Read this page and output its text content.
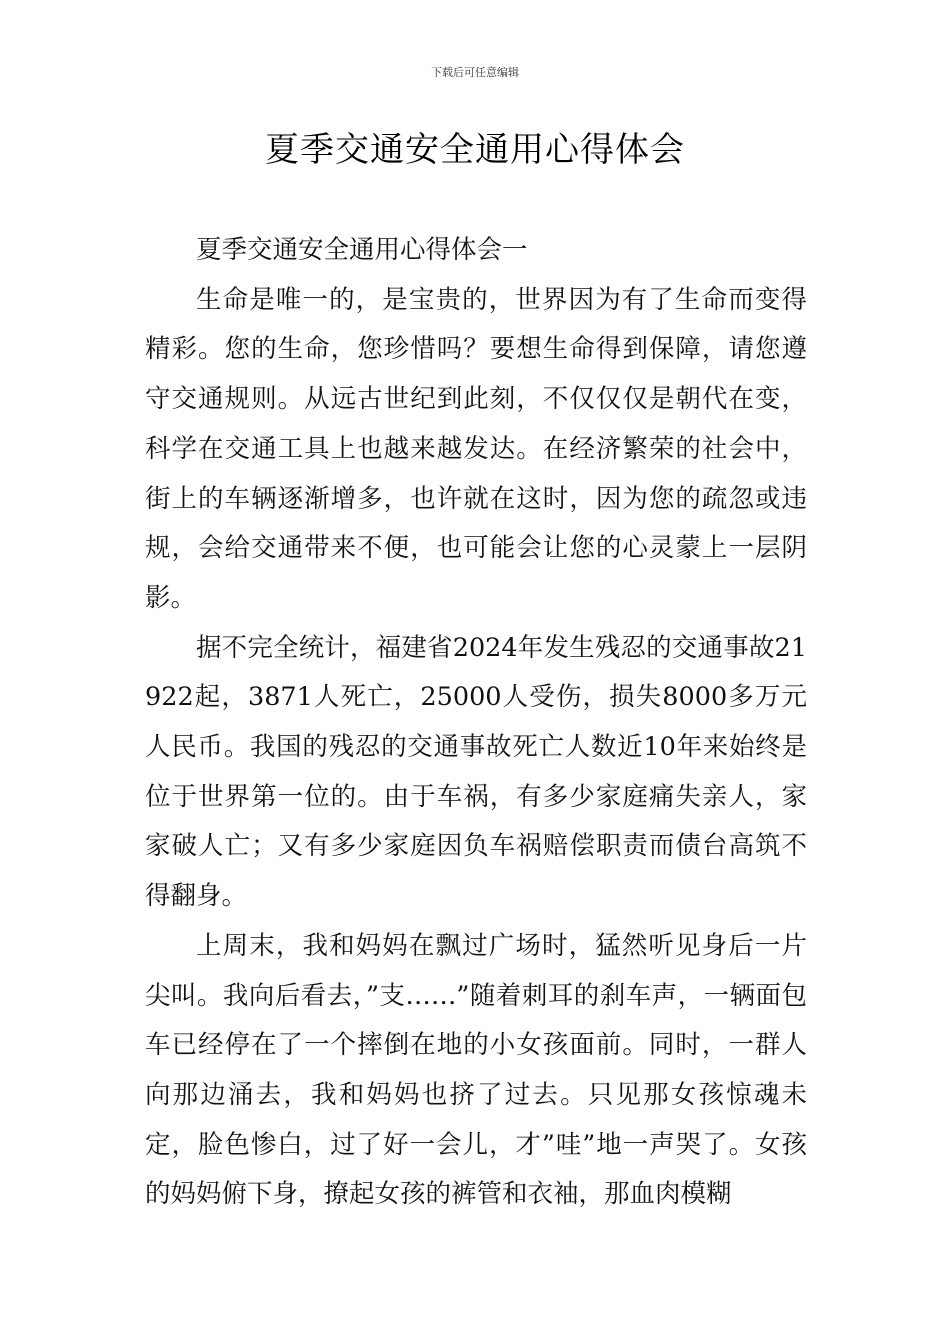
下载后可任意编辑
夏季交通安全通用心得体会

夏季交通安全通用心得体会一

生命是唯一的，是宝贵的，世界因为有了生命而变得精彩。您的生命，您珍惜吗？要想生命得到保障，请您遵守交通规则。从远古世纪到此刻，不仅仅仅是朝代在变，科学在交通工具上也越来越发达。在经济繁荣的社会中，街上的车辆逐渐增多，也许就在这时，因为您的疏忽或违规，会给交通带来不便，也可能会让您的心灵蒙上一层阴影。

据不完全统计，福建省2024年发生残忍的交通事故21922起，3871人死亡，25000人受伤，损失8000多万元人民币。我国的残忍的交通事故死亡人数近10年来始终是位于世界第一位的。由于车祸，有多少家庭痛失亲人，家家破人亡；又有多少家庭因负车祸赔偿职责而债台高筑不得翻身。

上周末，我和妈妈在飘过广场时，猛然听见身后一片尖叫。我向后看去，”支……”随着刺耳的刹车声，一辆面包车已经停在了一个摔倒在地的小女孩面前。同时，一群人向那边涌去，我和妈妈也挤了过去。只见那女孩惊魂未定，脸色惨白，过了好一会儿，才”哇”地一声哭了。女孩的妈妈俯下身，撩起女孩的裤管和衣袖，那血肉模糊
